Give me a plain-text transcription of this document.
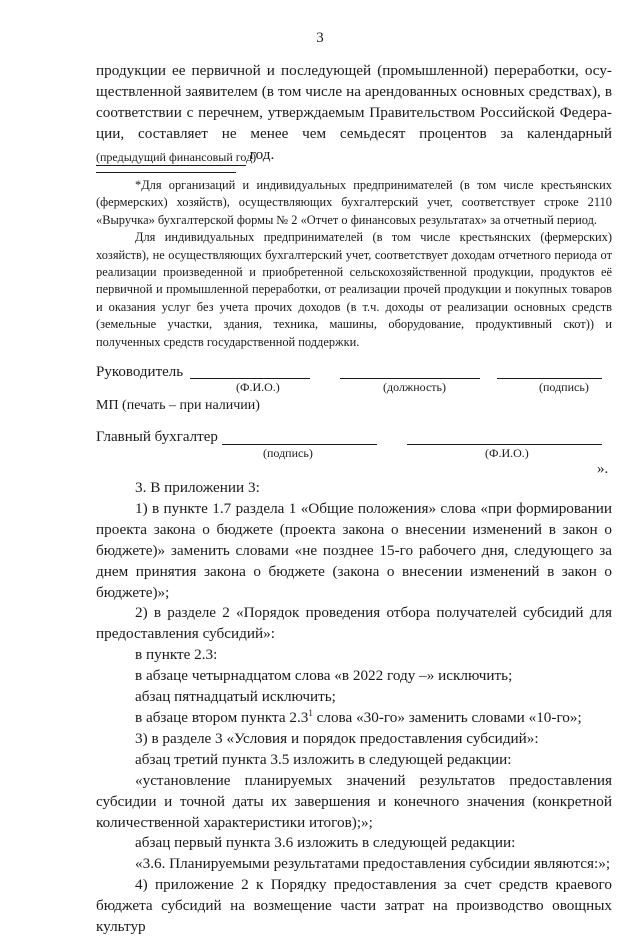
3
продукции ее первичной и последующей (промышленной) переработки, осу-
ществленной заявителем (в том числе на арендованных основных средствах), в
соответствии с перечнем, утверждаемым Правительством Российской Федера-
ции, составляет не менее чем семьдесят процентов за календарный
год.
(предыдущий финансовый год)
*Для организаций и индивидуальных предпринимателей (в том числе крестьянских (фермерских) хозяйств), осуществляющих бухгалтерский учет, соответствует строке 2110 «Выручка» бухгалтерской формы № 2 «Отчет о финансовых результатах» за отчетный период.
Для индивидуальных предпринимателей (в том числе крестьянских (фермерских) хозяйств), не осуществляющих бухгалтерский учет, соответствует доходам отчетного периода от реализации произведенной и приобретенной сельскохозяйственной продукции, продуктов её первичной и промышленной переработки, от реализации прочей продукции и покупных товаров и оказания услуг без учета прочих доходов (в т.ч. доходы от реализации основных средств (земельные участки, здания, техника, машины, оборудование, продуктивный скот)) и полученных средств государственной поддержки.
Руководитель
(Ф.И.О.)	(должность)	(подпись)
МП (печать – при наличии)
Главный бухгалтер
(подпись)	(Ф.И.О.)
».
3. В приложении 3:
1) в пункте 1.7 раздела 1 «Общие положения» слова «при формировании проекта закона о бюджете (проекта закона о внесении изменений в закон о бюджете)» заменить словами «не позднее 15-го рабочего дня, следующего за днем принятия закона о бюджете (закона о внесении изменений в закон о бюджете)»;
2) в разделе 2 «Порядок проведения отбора получателей субсидий для предоставления субсидий»:
в пункте 2.3:
в абзаце четырнадцатом слова «в 2022 году –» исключить;
абзац пятнадцатый исключить;
в абзаце втором пункта $2.3^1$ слова «30-го» заменить словами «10-го»;
3) в разделе 3 «Условия и порядок предоставления субсидий»:
абзац третий пункта 3.5 изложить в следующей редакции:
«установление планируемых значений результатов предоставления субсидии и точной даты их завершения и конечного значения (конкретной количественной характеристики итогов);»;
абзац первый пункта 3.6 изложить в следующей редакции:
«3.6. Планируемыми результатами предоставления субсидии являются:»;
4) приложение 2 к Порядку предоставления за счет средств краевого бюджета субсидий на возмещение части затрат на производство овощных культур
